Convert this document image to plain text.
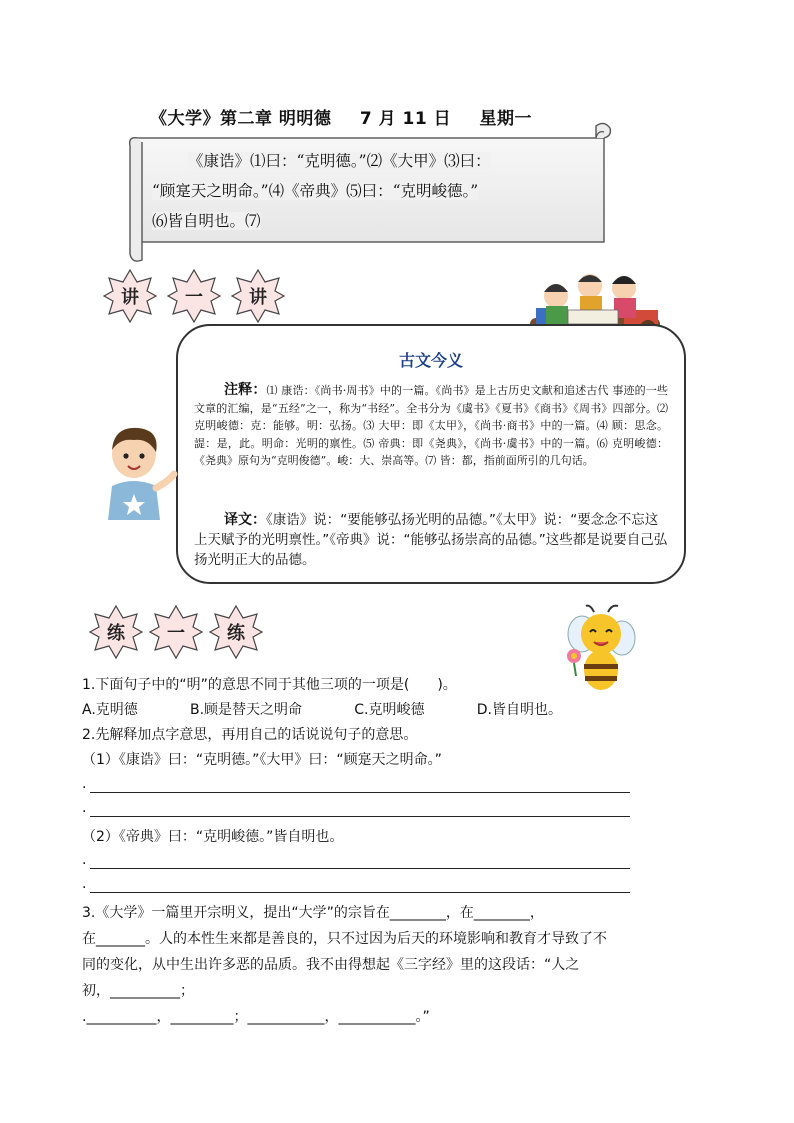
《大学》第二章 明明德 7 月 11 日 星期一
《康诰》⑴曰：“克明德。”⑵《大甲》⑶曰：
“顾寔天之明命。”⑷《帝典》⑸曰：“克明峻德。”
⑹皆自明也。⑺
讲	一	讲
古文今义
注释：⑴ 康诰：《尚书·周书》中的一篇。《尚书》是上古历史文献和追述古代 事迹的一些文章的汇编，是“五经”之一，称为“书经”。全书分为《虞书》《夏书》《商书》《周书》四部分。⑵ 克明峻德：克：能够。明：弘扬。⑶ 大甲：即《太甲》，《尚书·商书》中的一篇。⑷ 顾：思念。諟：是，此。明命：光明的禀性。⑸ 帝典：即《尧典》，《尚书·虞书》中的一篇。⑹ 克明峻德：《尧典》原句为“克明俊德”。峻：大、崇高等。⑺ 皆：都，指前面所引的几句话。
译文：《康诰》说：“要能够弘扬光明的品德。”《太甲》说：“要念念不忘这上天赋予的光明禀性。”《帝典》说：“能够弘扬崇高的品德。”这些都是说要自己弘扬光明正大的品德。
练	一	练
1.下面句子中的“明”的意思不同于其他三项的一项是(　　)。
A.克明德	B.顾是替天之明命	C.克明峻德	D.皆自明也。
2.先解释加点字意思，再用自己的话说说句子的意思。
（1）《康诰》曰：“克明德。”《大甲》曰：“顾寔天之明命。”
.
.
（2）《帝典》曰：“克明峻德。”皆自明也。
.
.
3.《大学》一篇里开宗明义，提出“大学”的宗旨在________，在________，
在_______。人的本性生来都是善良的，只不过因为后天的环境影响和教育才导致了不
同的变化，从中生出许多恶的品质。我不由得想起《三字经》里的这段话：“人之
初，__________；
.__________，_________；___________，___________。”
